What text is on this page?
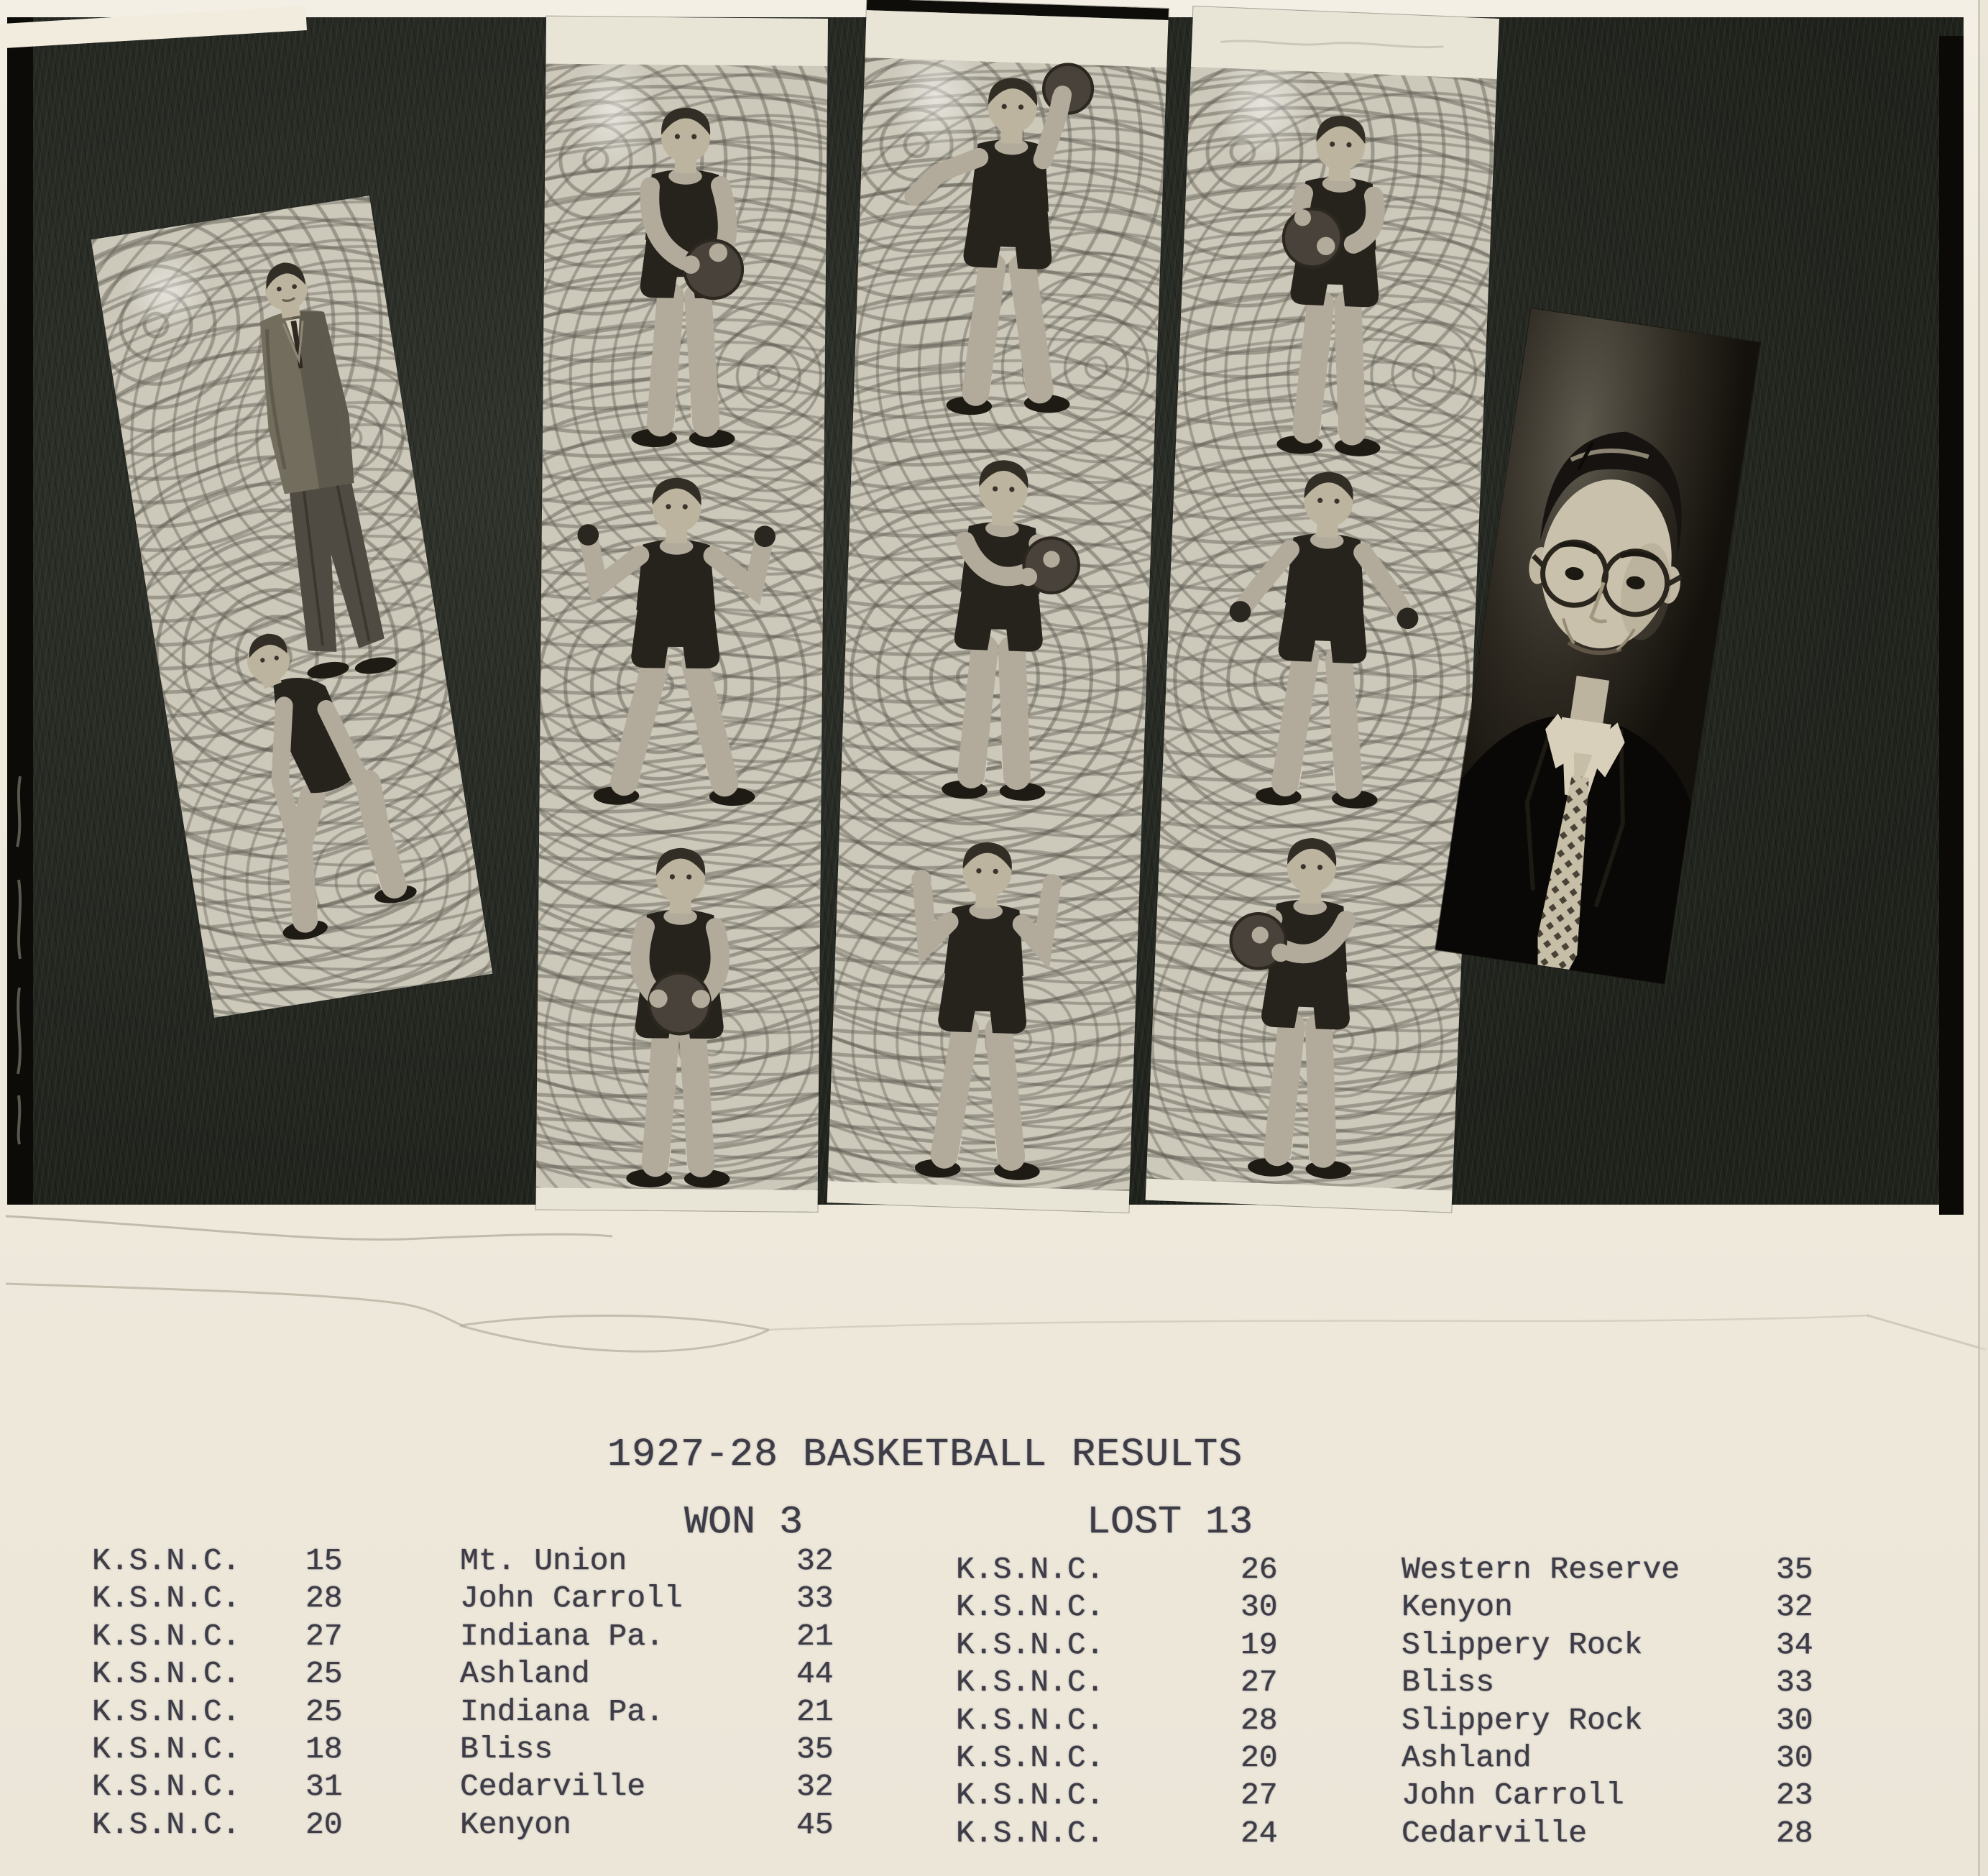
1927-28 BASKETBALL RESULTS
WON 3	LOST 13
K.S.N.C.	15	Mt. Union	32
K.S.N.C.	28	John Carroll	33
K.S.N.C.	27	Indiana Pa.	21
K.S.N.C.	25	Ashland	44
K.S.N.C.	25	Indiana Pa.	21
K.S.N.C.	18	Bliss	35
K.S.N.C.	31	Cedarville	32
K.S.N.C.	20	Kenyon	45
K.S.N.C.	26	Western Reserve	35
K.S.N.C.	30	Kenyon	32
K.S.N.C.	19	Slippery Rock	34
K.S.N.C.	27	Bliss	33
K.S.N.C.	28	Slippery Rock	30
K.S.N.C.	20	Ashland	30
K.S.N.C.	27	John Carroll	23
K.S.N.C.	24	Cedarville	28
